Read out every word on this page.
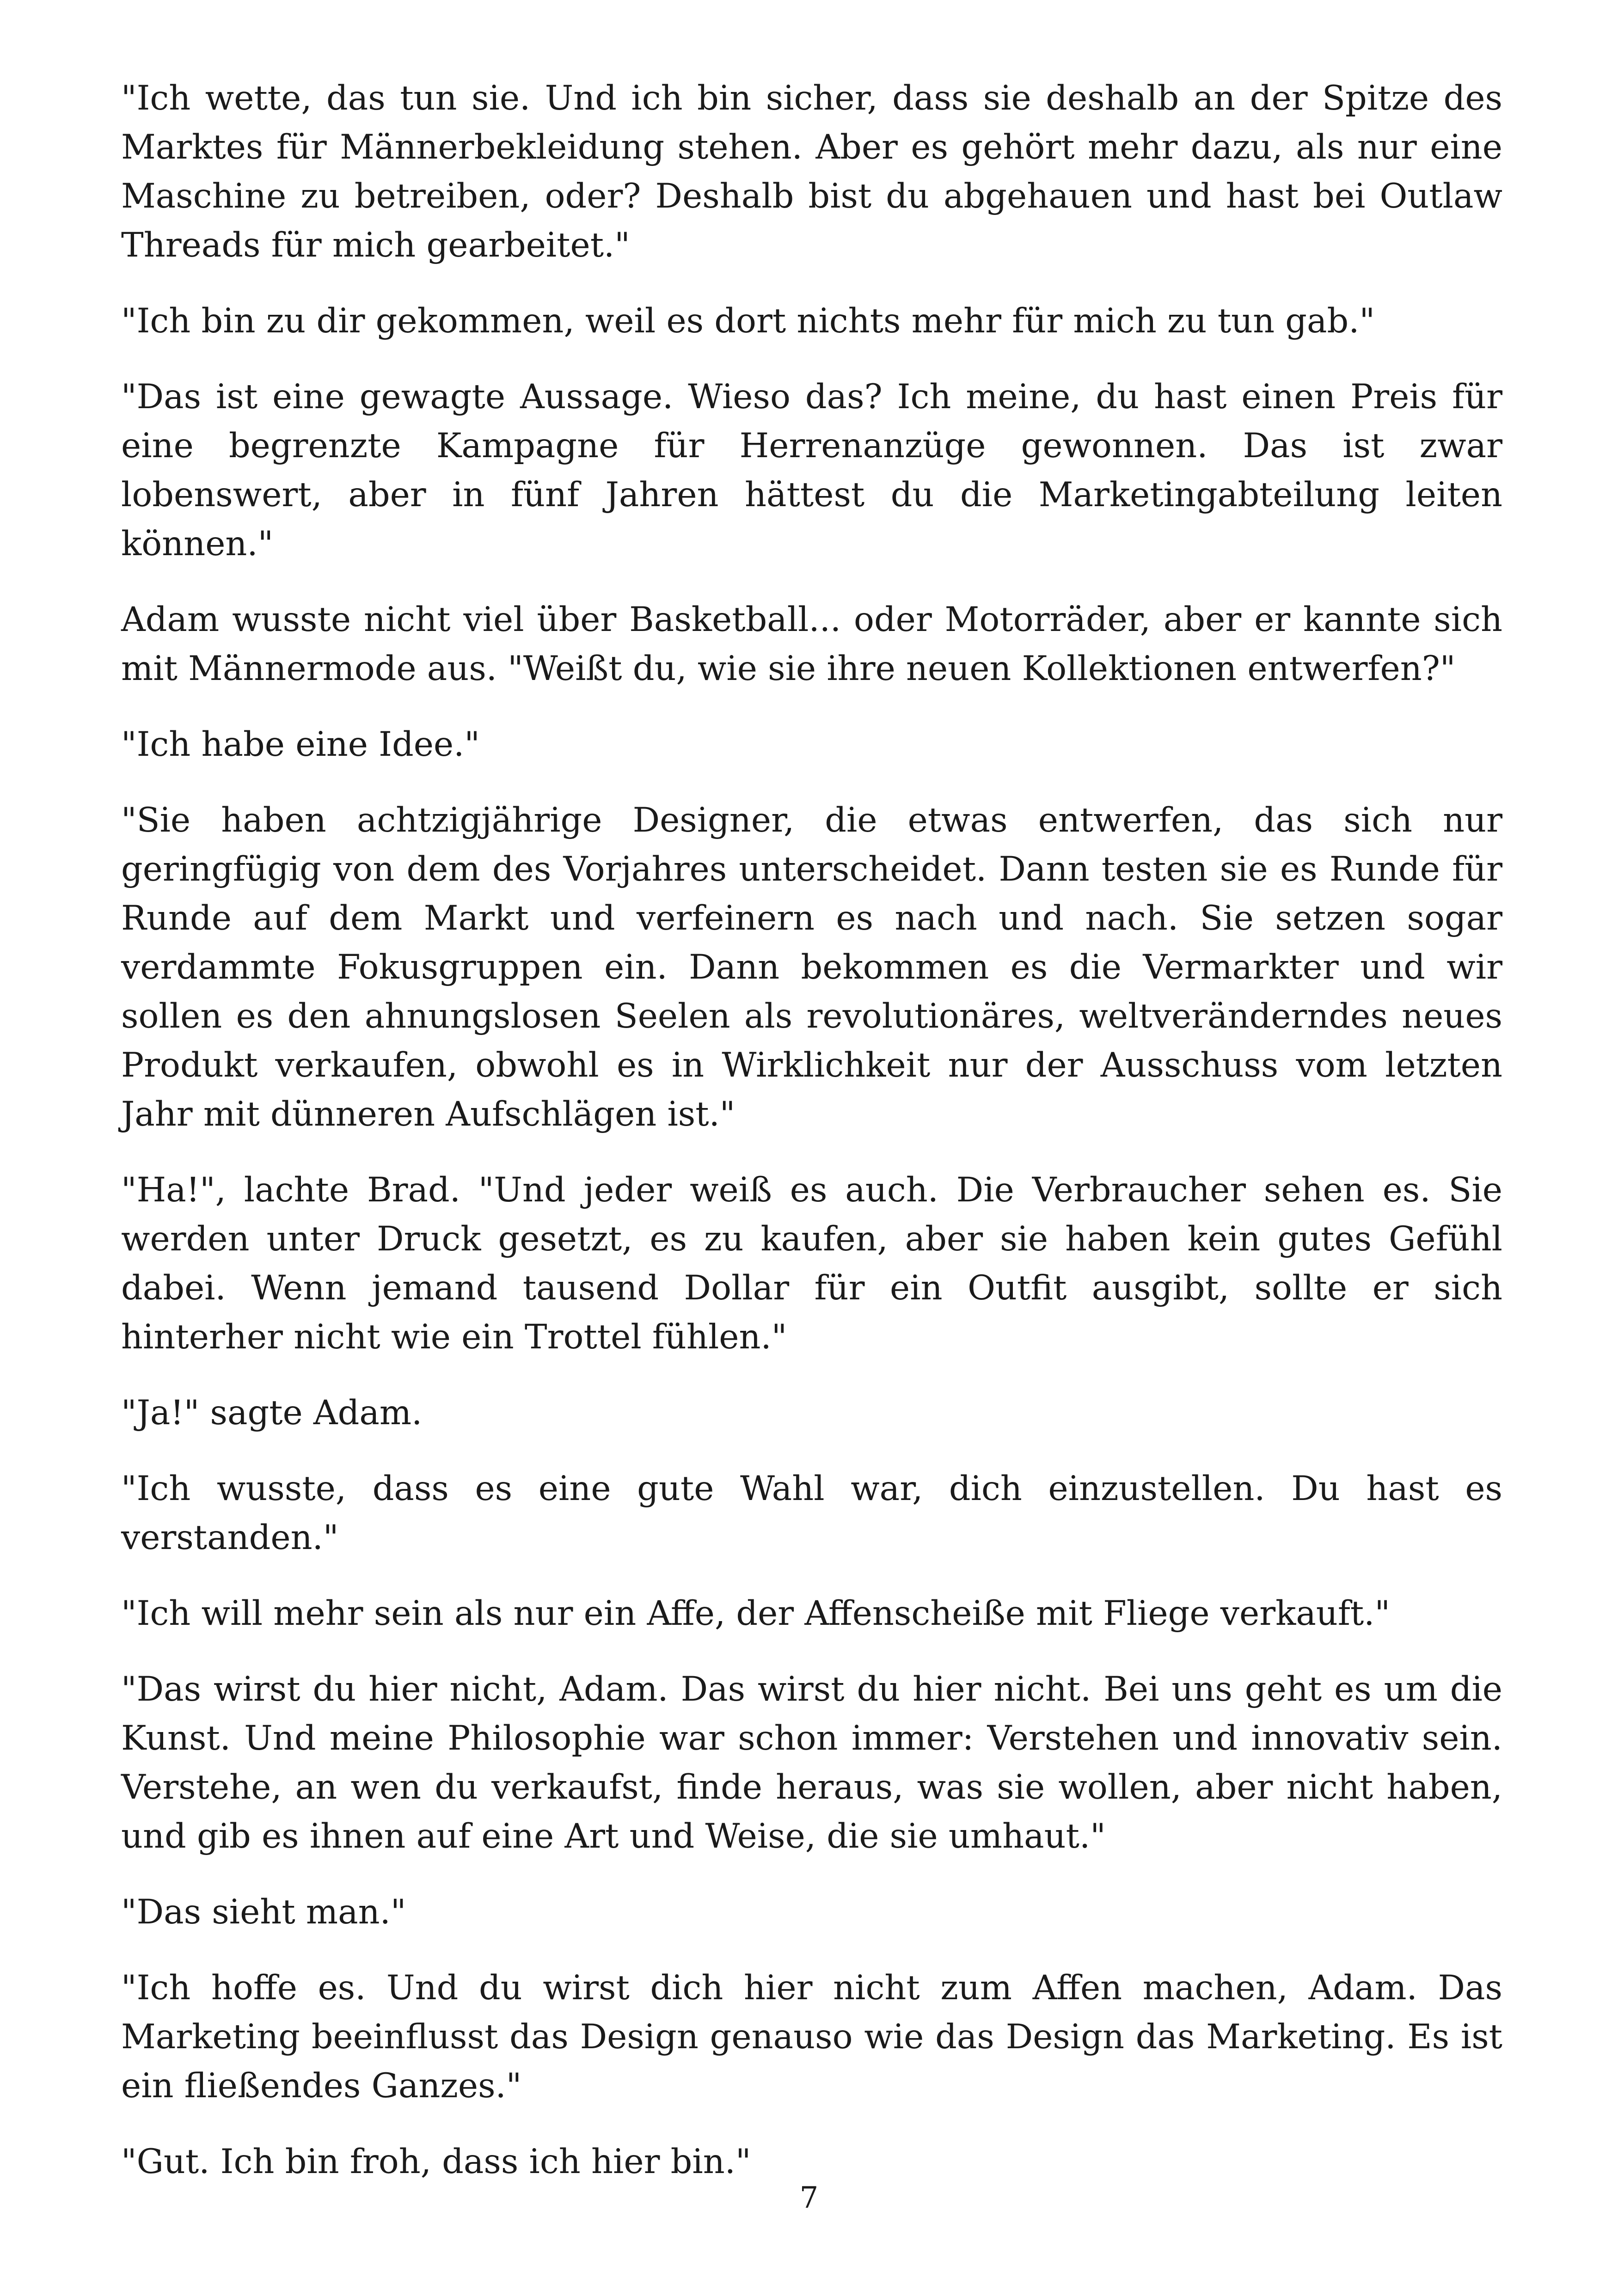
"Ich wette, das tun sie. Und ich bin sicher, dass sie deshalb an der Spitze des Marktes für Männerbekleidung stehen. Aber es gehört mehr dazu, als nur eine Maschine zu betreiben, oder? Deshalb bist du abgehauen und hast bei Outlaw Threads für mich gearbeitet."

"Ich bin zu dir gekommen, weil es dort nichts mehr für mich zu tun gab."

"Das ist eine gewagte Aussage. Wieso das? Ich meine, du hast einen Preis für eine begrenzte Kampagne für Herrenanzüge gewonnen. Das ist zwar lobenswert, aber in fünf Jahren hättest du die Marketingabteilung leiten können."

Adam wusste nicht viel über Basketball... oder Motorräder, aber er kannte sich mit Männermode aus. "Weißt du, wie sie ihre neuen Kollektionen entwerfen?"

"Ich habe eine Idee."

"Sie haben achtzigjährige Designer, die etwas entwerfen, das sich nur geringfügig von dem des Vorjahres unterscheidet. Dann testen sie es Runde für Runde auf dem Markt und verfeinern es nach und nach. Sie setzen sogar verdammte Fokusgruppen ein. Dann bekommen es die Vermarkter und wir sollen es den ahnungslosen Seelen als revolutionäres, weltveränderndes neues Produkt verkaufen, obwohl es in Wirklichkeit nur der Ausschuss vom letzten Jahr mit dünneren Aufschlägen ist."

"Ha!", lachte Brad. "Und jeder weiß es auch. Die Verbraucher sehen es. Sie werden unter Druck gesetzt, es zu kaufen, aber sie haben kein gutes Gefühl dabei. Wenn jemand tausend Dollar für ein Outfit ausgibt, sollte er sich hinterher nicht wie ein Trottel fühlen."

"Ja!" sagte Adam.

"Ich wusste, dass es eine gute Wahl war, dich einzustellen. Du hast es verstanden."

"Ich will mehr sein als nur ein Affe, der Affenscheiße mit Fliege verkauft."

"Das wirst du hier nicht, Adam. Das wirst du hier nicht. Bei uns geht es um die Kunst. Und meine Philosophie war schon immer: Verstehen und innovativ sein. Verstehe, an wen du verkaufst, finde heraus, was sie wollen, aber nicht haben, und gib es ihnen auf eine Art und Weise, die sie umhaut."

"Das sieht man."

"Ich hoffe es. Und du wirst dich hier nicht zum Affen machen, Adam. Das Marketing beeinflusst das Design genauso wie das Design das Marketing. Es ist ein fließendes Ganzes."

"Gut. Ich bin froh, dass ich hier bin."

7
